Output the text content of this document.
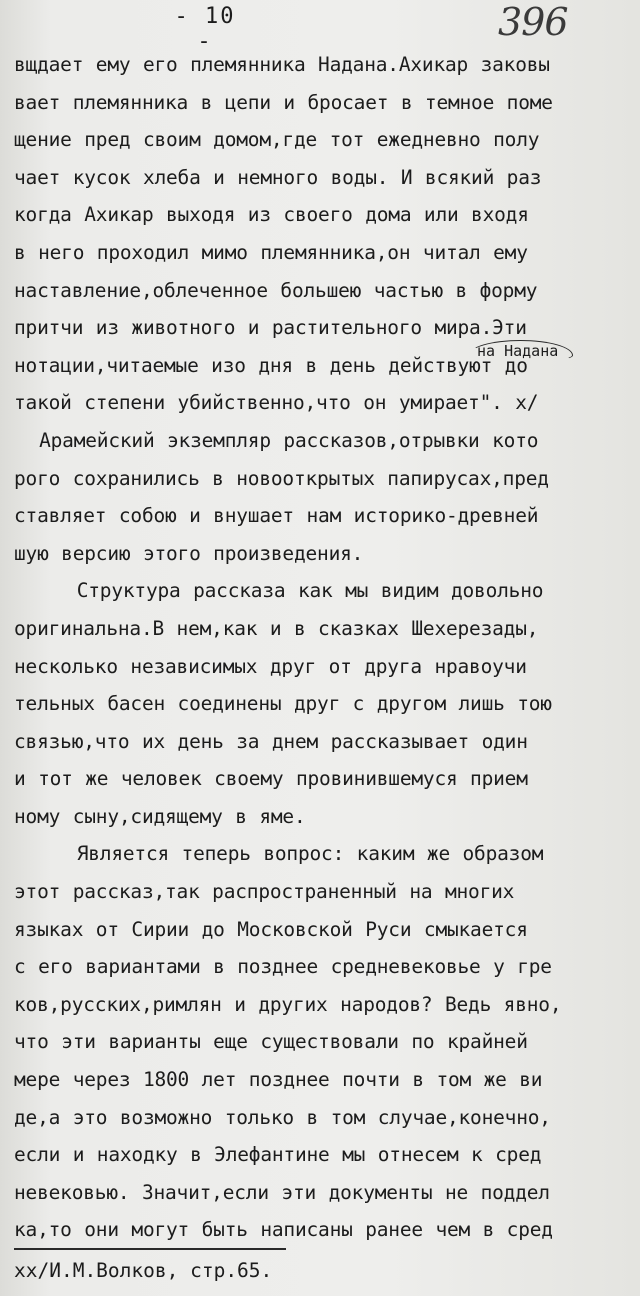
- 10 -	396
вщдает ему его племянника Надана.Ахикар заковы
вает племянника в цепи и бросает в темное поме
щение пред своим домом,где тот ежедневно полу
чает кусок хлеба и немного воды. И всякий раз
когда Ахикар выходя из своего дома или входя
в него проходил мимо племянника,он читал ему
наставление,облеченное большею частью в форму
притчи из животного и растительного мира.Эти
нотации,читаемые изо дня в день действуют до
такой степени убийственно,что он умирает". х/
Арамейский экземпляр рассказов,отрывки кото
рого сохранились в новооткрытых папирусах,пред
ставляет собою и внушает нам историко-древней
шую версию этого произведения.
Структура рассказа как мы видим довольно
оригинальна.В нем,как и в сказках Шехерезады,
несколько независимых друг от друга нравоучи
тельных басен соединены друг с другом лишь тою
связью,что их день за днем рассказывает один
и тот же человек своему провинившемуся прием
ному сыну,сидящему в яме.
Является теперь вопрос: каким же образом
этот рассказ,так распространенный на многих
языках от Сирии до Московской Руси смыкается
с его вариантами в позднее средневековье у гре
ков,русских,римлян и других народов? Ведь явно,
что эти варианты еще существовали по крайней
мере через 1800 лет позднее почти в том же ви
де,а это возможно только в том случае,конечно,
если и находку в Элефантине мы отнесем к сред
невековью. Значит,если эти документы не поддел
ка,то они могут быть написаны ранее чем в сред
на Надана
хх/И.М.Волков, стр.65.
